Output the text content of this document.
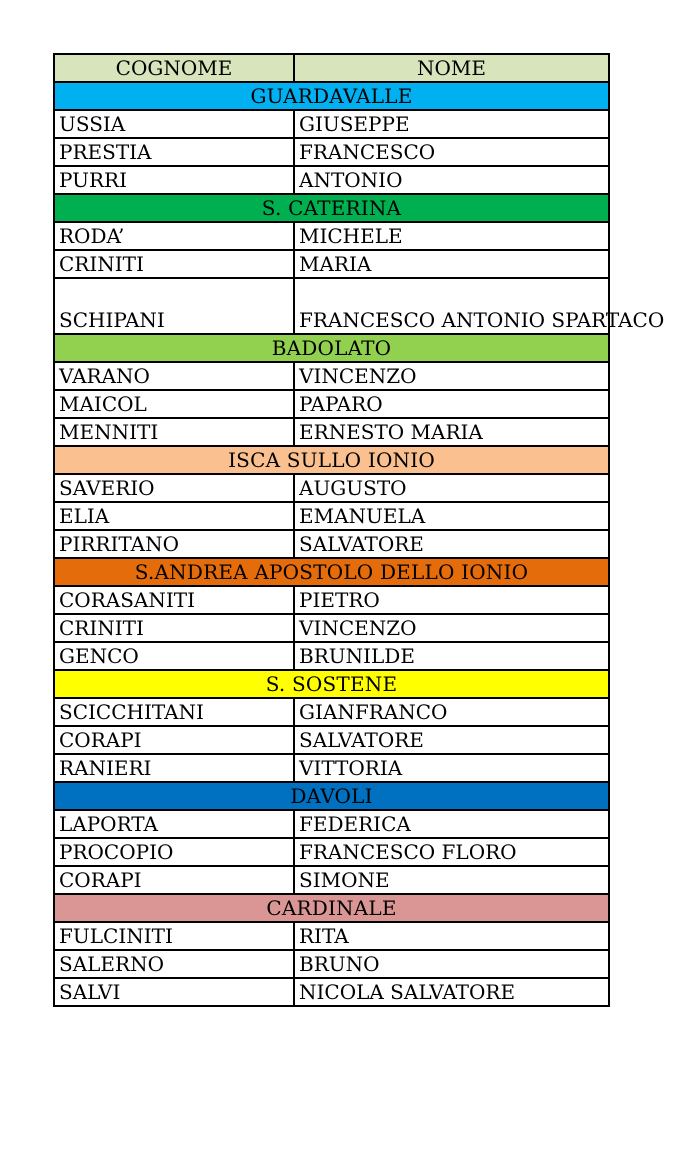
COGNOME	NOME
GUARDAVALLE	
USSIA	GIUSEPPE
PRESTIA	FRANCESCO
PURRI	ANTONIO
S. CATERINA	
RODA’	MICHELE
CRINITI	MARIA
SCHIPANI	FRANCESCO ANTONIO SPARTACO
BADOLATO	
VARANO	VINCENZO
MAICOL	PAPARO
MENNITI	ERNESTO MARIA
ISCA SULLO IONIO	
SAVERIO	AUGUSTO
ELIA	EMANUELA
PIRRITANO	SALVATORE
S.ANDREA APOSTOLO DELLO IONIO	
CORASANITI	PIETRO
CRINITI	VINCENZO
GENCO	BRUNILDE
S. SOSTENE	
SCICCHITANI	GIANFRANCO
CORAPI	SALVATORE
RANIERI	VITTORIA
DAVOLI	
LAPORTA	FEDERICA
PROCOPIO	FRANCESCO FLORO
CORAPI	SIMONE
CARDINALE	
FULCINITI	RITA
SALERNO	BRUNO
SALVI	NICOLA SALVATORE
